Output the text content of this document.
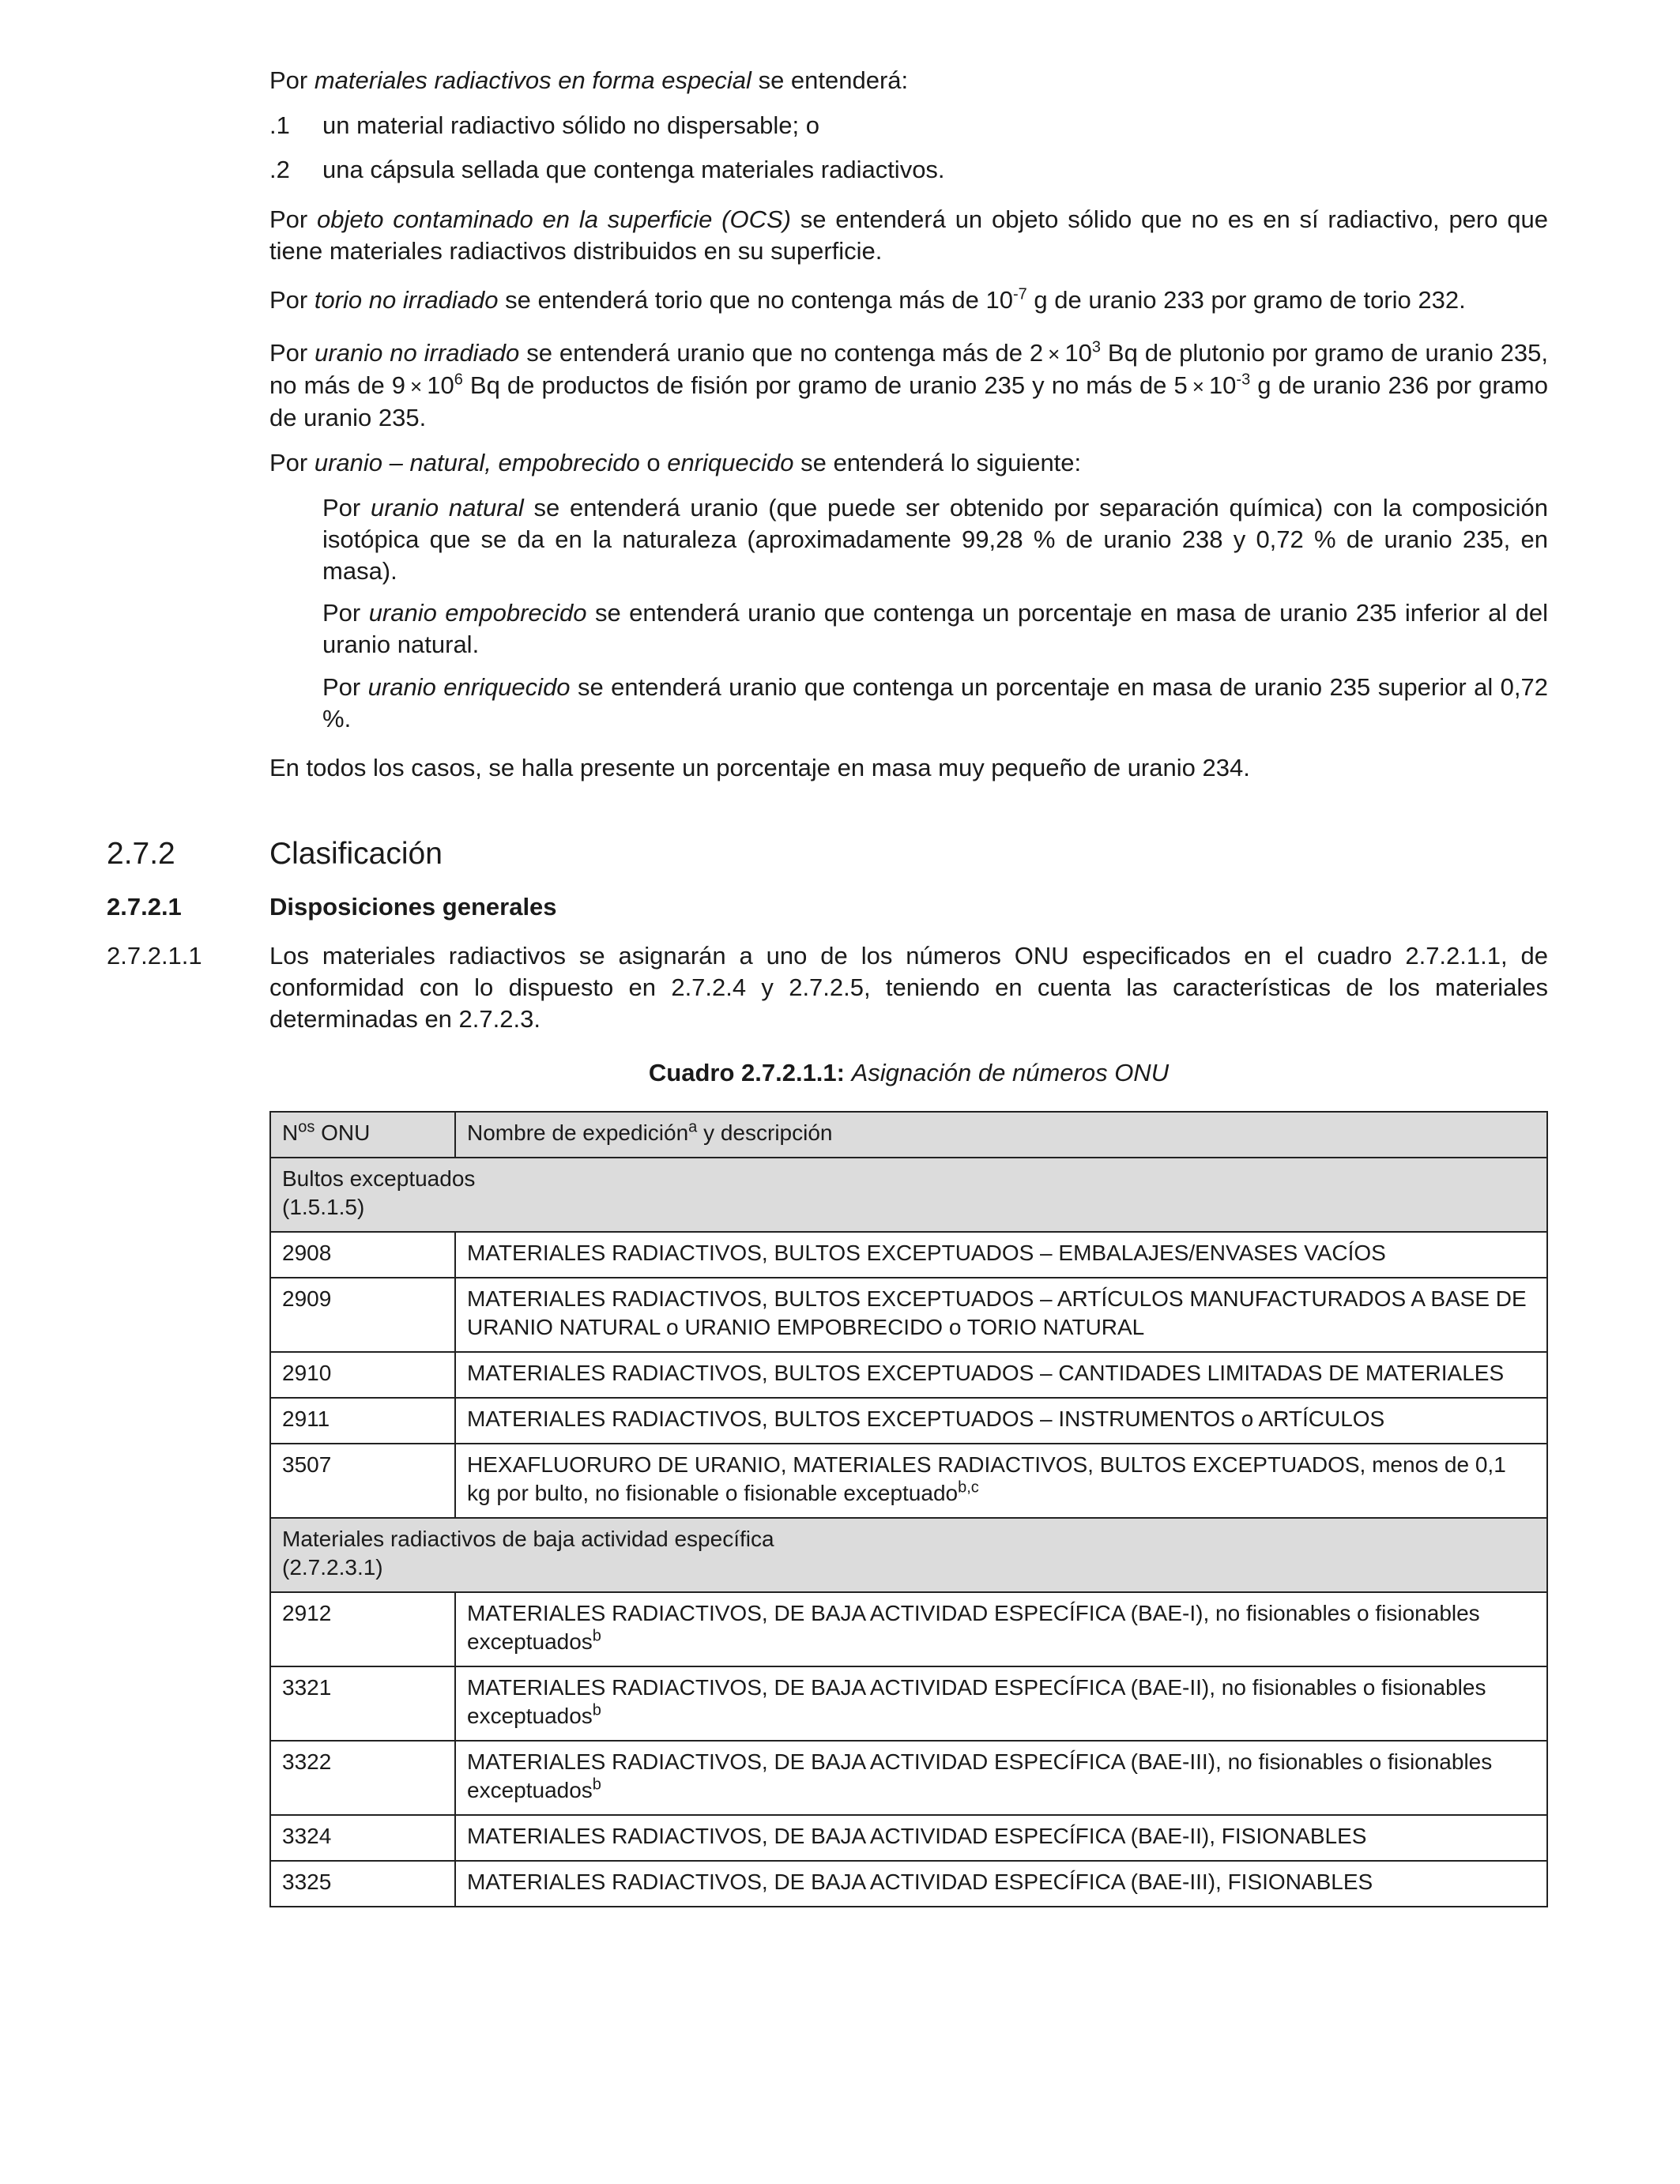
Por materiales radiactivos en forma especial se entenderá:

.1 un material radiactivo sólido no dispersable; o
.2 una cápsula sellada que contenga materiales radiactivos.

Por objeto contaminado en la superficie (OCS) se entenderá un objeto sólido que no es en sí radiactivo, pero que tiene materiales radiactivos distribuidos en su superficie.

Por torio no irradiado se entenderá torio que no contenga más de $10^{-7}$ g de uranio 233 por gramo de torio 232.

Por uranio no irradiado se entenderá uranio que no contenga más de $2 \times 10^3$ Bq de plutonio por gramo de uranio 235, no más de $9 \times 10^6$ Bq de productos de fisión por gramo de uranio 235 y no más de $5 \times 10^{-3}$ g de uranio 236 por gramo de uranio 235.

Por uranio – natural, empobrecido o enriquecido se entenderá lo siguiente:

Por uranio natural se entenderá uranio (que puede ser obtenido por separación química) con la composición isotópica que se da en la naturaleza (aproximadamente 99,28 % de uranio 238 y 0,72 % de uranio 235, en masa).

Por uranio empobrecido se entenderá uranio que contenga un porcentaje en masa de uranio 235 inferior al del uranio natural.

Por uranio enriquecido se entenderá uranio que contenga un porcentaje en masa de uranio 235 superior al 0,72 %.

En todos los casos, se halla presente un porcentaje en masa muy pequeño de uranio 234.

2.7.2	Clasificación
2.7.2.1	Disposiciones generales
2.7.2.1.1	Los materiales radiactivos se asignarán a uno de los números ONU especificados en el cuadro 2.7.2.1.1, de conformidad con lo dispuesto en 2.7.2.4 y 2.7.2.5, teniendo en cuenta las características de los materiales determinadas en 2.7.2.3.

Cuadro 2.7.2.1.1: Asignación de números ONU
$N^{os}$ ONU	Nombre de expedición$^a$ y descripción
Bultos exceptuados
(1.5.1.5)	
2908	MATERIALES RADIACTIVOS, BULTOS EXCEPTUADOS – EMBALAJES/ENVASES VACÍOS
2909	MATERIALES RADIACTIVOS, BULTOS EXCEPTUADOS – ARTÍCULOS MANUFACTURADOS A BASE DE URANIO NATURAL o URANIO EMPOBRECIDO o TORIO NATURAL
2910	MATERIALES RADIACTIVOS, BULTOS EXCEPTUADOS – CANTIDADES LIMITADAS DE MATERIALES
2911	MATERIALES RADIACTIVOS, BULTOS EXCEPTUADOS – INSTRUMENTOS o ARTÍCULOS
3507	HEXAFLUORURO DE URANIO, MATERIALES RADIACTIVOS, BULTOS EXCEPTUADOS, menos de 0,1 kg por bulto, no fisionable o fisionable exceptuado$^{b,c}$
Materiales radiactivos de baja actividad específica
(2.7.2.3.1)	
2912	MATERIALES RADIACTIVOS, DE BAJA ACTIVIDAD ESPECÍFICA (BAE-I), no fisionables o fisionables exceptuados$^b$
3321	MATERIALES RADIACTIVOS, DE BAJA ACTIVIDAD ESPECÍFICA (BAE-II), no fisionables o fisionables exceptuados$^b$
3322	MATERIALES RADIACTIVOS, DE BAJA ACTIVIDAD ESPECÍFICA (BAE-III), no fisionables o fisionables exceptuados$^b$
3324	MATERIALES RADIACTIVOS, DE BAJA ACTIVIDAD ESPECÍFICA (BAE-II), FISIONABLES
3325	MATERIALES RADIACTIVOS, DE BAJA ACTIVIDAD ESPECÍFICA (BAE-III), FISIONABLES
